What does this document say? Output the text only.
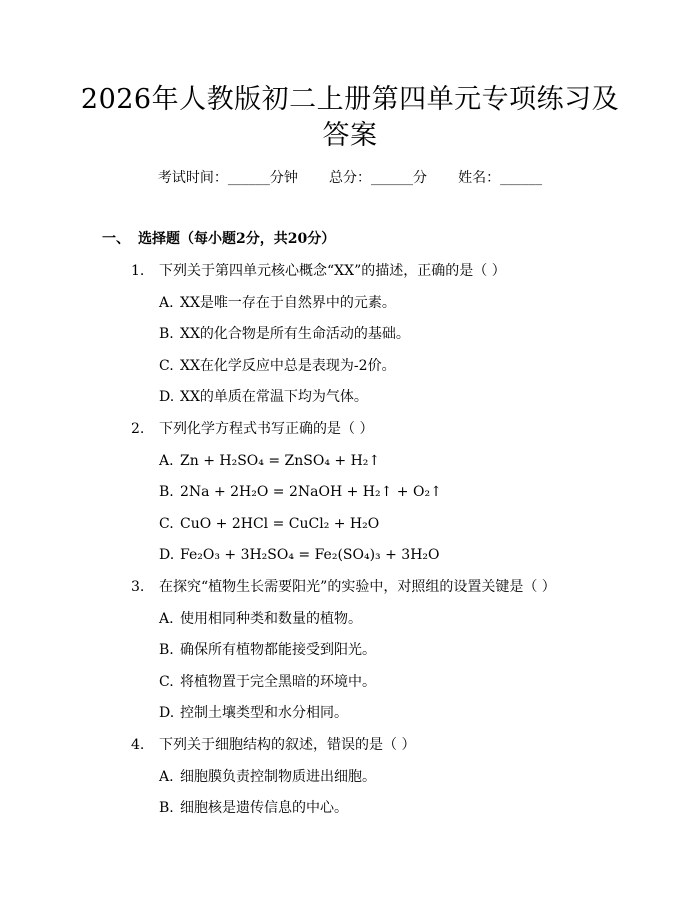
2026年人教版初二上册第四单元专项练习及
答案
考试时间：______分钟 总分：______分 姓名：______
一、 选择题（每小题2分，共20分）
1. 下列关于第四单元核心概念“XX”的描述，正确的是（ ）
A. XX是唯一存在于自然界中的元素。
B. XX的化合物是所有生命活动的基础。
C. XX在化学反应中总是表现为-2价。
D. XX的单质在常温下均为气体。
2. 下列化学方程式书写正确的是（ ）
A. Zn + H₂SO₄ = ZnSO₄ + H₂↑
B. 2Na + 2H₂O = 2NaOH + H₂↑ + O₂↑
C. CuO + 2HCl = CuCl₂ + H₂O
D. Fe₂O₃ + 3H₂SO₄ = Fe₂(SO₄)₃ + 3H₂O
3. 在探究“植物生长需要阳光”的实验中，对照组的设置关键是（ ）
A. 使用相同种类和数量的植物。
B. 确保所有植物都能接受到阳光。
C. 将植物置于完全黑暗的环境中。
D. 控制土壤类型和水分相同。
4. 下列关于细胞结构的叙述，错误的是（ ）
A. 细胞膜负责控制物质进出细胞。
B. 细胞核是遗传信息的中心。
